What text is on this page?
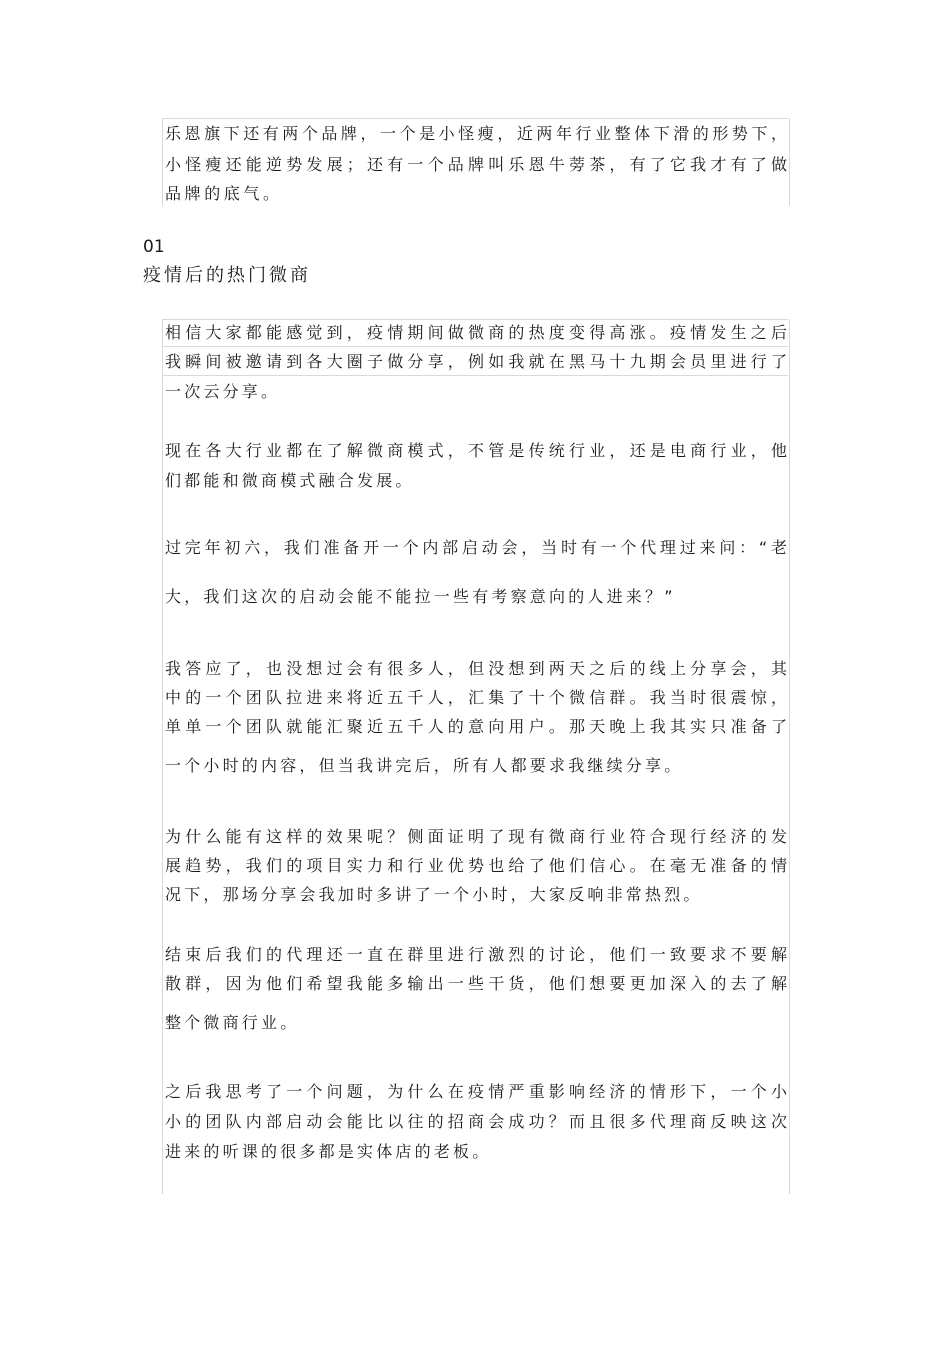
乐恩旗下还有两个品牌，一个是小怪瘦，近两年行业整体下滑的形势下，
小怪瘦还能逆势发展；还有一个品牌叫乐恩牛蒡茶，有了它我才有了做
品牌的底气。
01
疫情后的热门微商
相信大家都能感觉到，疫情期间做微商的热度变得高涨。疫情发生之后
我瞬间被邀请到各大圈子做分享，例如我就在黑马十九期会员里进行了
一次云分享。
现在各大行业都在了解微商模式，不管是传统行业，还是电商行业，他
们都能和微商模式融合发展。
过完年初六，我们准备开一个内部启动会，当时有一个代理过来问：“老
大，我们这次的启动会能不能拉一些有考察意向的人进来？”
我答应了，也没想过会有很多人，但没想到两天之后的线上分享会，其
中的一个团队拉进来将近五千人，汇集了十个微信群。我当时很震惊，
单单一个团队就能汇聚近五千人的意向用户。那天晚上我其实只准备了
一个小时的内容，但当我讲完后，所有人都要求我继续分享。
为什么能有这样的效果呢？侧面证明了现有微商行业符合现行经济的发
展趋势，我们的项目实力和行业优势也给了他们信心。在毫无准备的情
况下，那场分享会我加时多讲了一个小时，大家反响非常热烈。
结束后我们的代理还一直在群里进行激烈的讨论，他们一致要求不要解
散群，因为他们希望我能多输出一些干货，他们想要更加深入的去了解
整个微商行业。
之后我思考了一个问题，为什么在疫情严重影响经济的情形下，一个小
小的团队内部启动会能比以往的招商会成功？而且很多代理商反映这次
进来的听课的很多都是实体店的老板。
